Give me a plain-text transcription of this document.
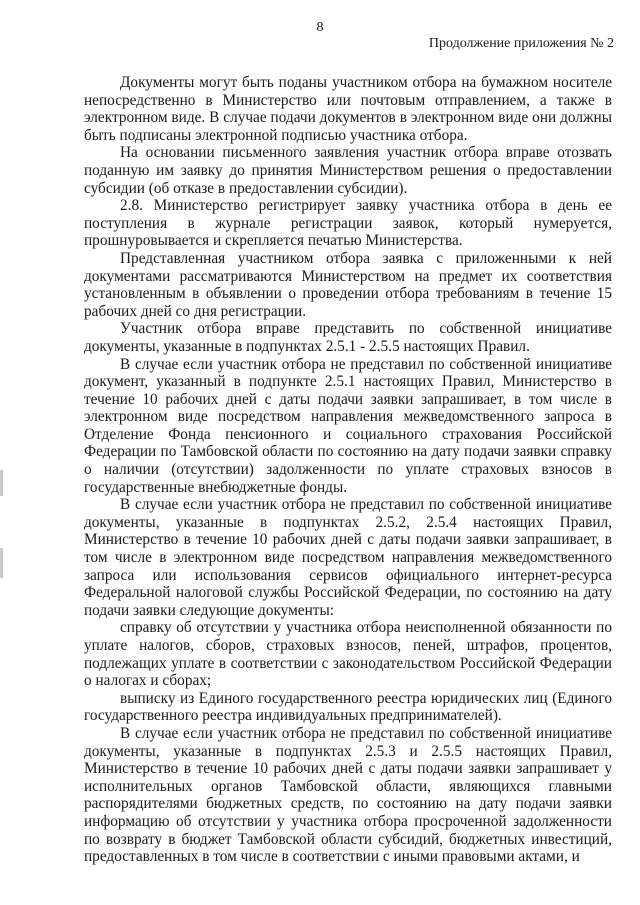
8
Продолжение приложения № 2

Документы могут быть поданы участником отбора на бумажном носителе непосредственно в Министерство или почтовым отправлением, а также в электронном виде. В случае подачи документов в электронном виде они должны быть подписаны электронной подписью участника отбора.

На основании письменного заявления участник отбора вправе отозвать поданную им заявку до принятия Министерством решения о предоставлении субсидии (об отказе в предоставлении субсидии).

2.8. Министерство регистрирует заявку участника отбора в день ее поступления в журнале регистрации заявок, который нумеруется, прошнуровывается и скрепляется печатью Министерства.

Представленная участником отбора заявка с приложенными к ней документами рассматриваются Министерством на предмет их соответствия установленным в объявлении о проведении отбора требованиям в течение 15 рабочих дней со дня регистрации.

Участник отбора вправе представить по собственной инициативе документы, указанные в подпунктах 2.5.1 - 2.5.5 настоящих Правил.

В случае если участник отбора не представил по собственной инициативе документ, указанный в подпункте 2.5.1 настоящих Правил, Министерство в течение 10 рабочих дней с даты подачи заявки запрашивает, в том числе в электронном виде посредством направления межведомственного запроса в Отделение Фонда пенсионного и социального страхования Российской Федерации по Тамбовской области по состоянию на дату подачи заявки справку о наличии (отсутствии) задолженности по уплате страховых взносов в государственные внебюджетные фонды.

В случае если участник отбора не представил по собственной инициативе документы, указанные в подпунктах 2.5.2, 2.5.4 настоящих Правил, Министерство в течение 10 рабочих дней с даты подачи заявки запрашивает, в том числе в электронном виде посредством направления межведомственного запроса или использования сервисов официального интернет-ресурса Федеральной налоговой службы Российской Федерации, по состоянию на дату подачи заявки следующие документы:

справку об отсутствии у участника отбора неисполненной обязанности по уплате налогов, сборов, страховых взносов, пеней, штрафов, процентов, подлежащих уплате в соответствии с законодательством Российской Федерации о налогах и сборах;

выписку из Единого государственного реестра юридических лиц (Единого государственного реестра индивидуальных предпринимателей).

В случае если участник отбора не представил по собственной инициативе документы, указанные в подпунктах 2.5.3 и 2.5.5 настоящих Правил, Министерство в течение 10 рабочих дней с даты подачи заявки запрашивает у исполнительных органов Тамбовской области, являющихся главными распорядителями бюджетных средств, по состоянию на дату подачи заявки информацию об отсутствии у участника отбора просроченной задолженности по возврату в бюджет Тамбовской области субсидий, бюджетных инвестиций, предоставленных в том числе в соответствии с иными правовыми актами, и
